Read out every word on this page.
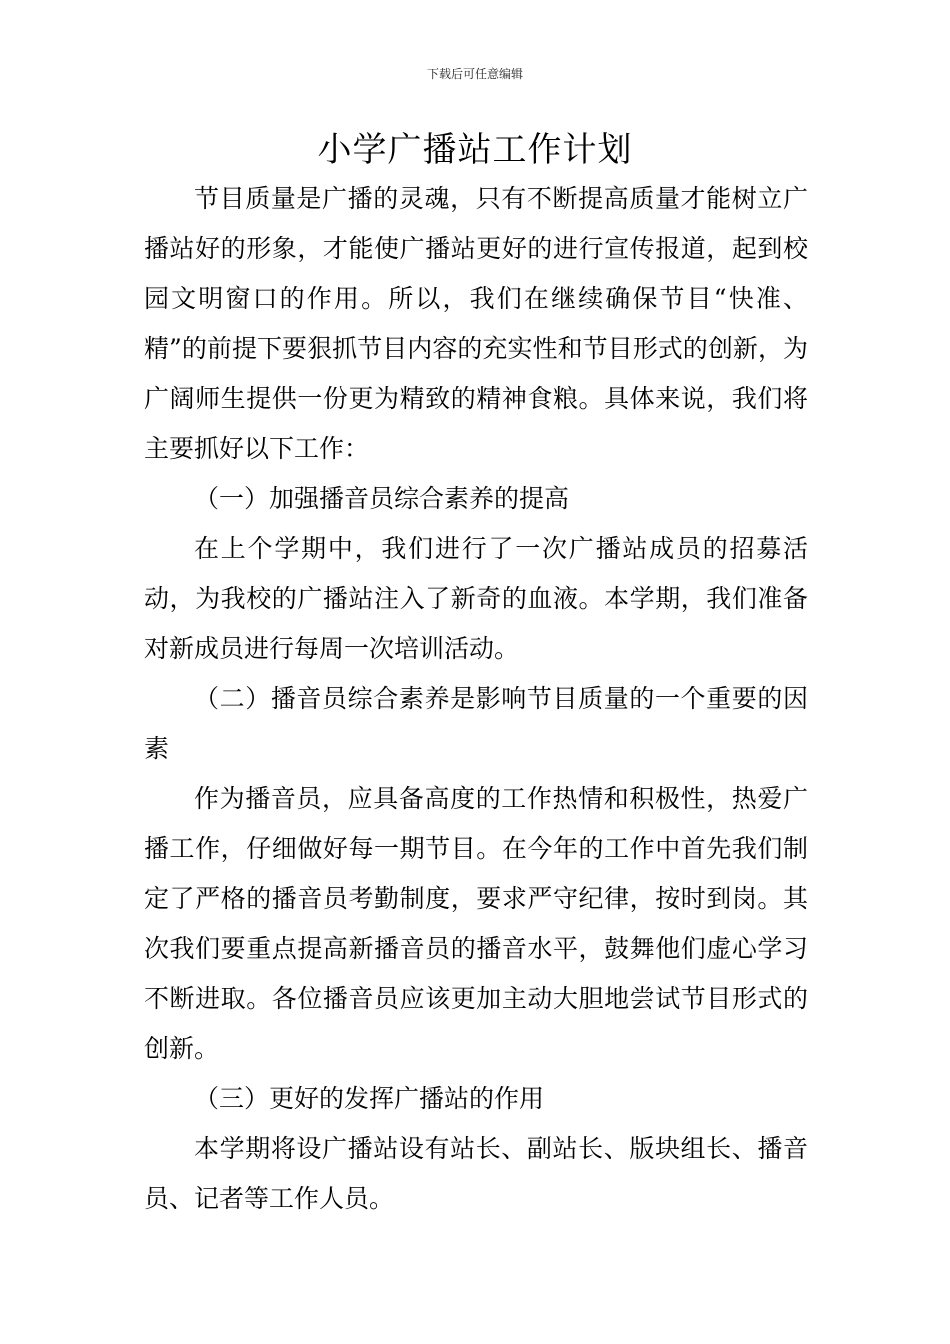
下载后可任意编辑
小学广播站工作计划

节目质量是广播的灵魂，只有不断提高质量才能树立广播站好的形象，才能使广播站更好的进行宣传报道，起到校园文明窗口的作用。所以，我们在继续确保节目“快准、精”的前提下要狠抓节目内容的充实性和节目形式的创新，为广阔师生提供一份更为精致的精神食粮。具体来说，我们将主要抓好以下工作：

（一）加强播音员综合素养的提高

在上个学期中，我们进行了一次广播站成员的招募活动，为我校的广播站注入了新奇的血液。本学期，我们准备对新成员进行每周一次培训活动。

（二）播音员综合素养是影响节目质量的一个重要的因素

作为播音员，应具备高度的工作热情和积极性，热爱广播工作，仔细做好每一期节目。在今年的工作中首先我们制定了严格的播音员考勤制度，要求严守纪律，按时到岗。其次我们要重点提高新播音员的播音水平，鼓舞他们虚心学习不断进取。各位播音员应该更加主动大胆地尝试节目形式的创新。

（三）更好的发挥广播站的作用

本学期将设广播站设有站长、副站长、版块组长、播音员、记者等工作人员。
